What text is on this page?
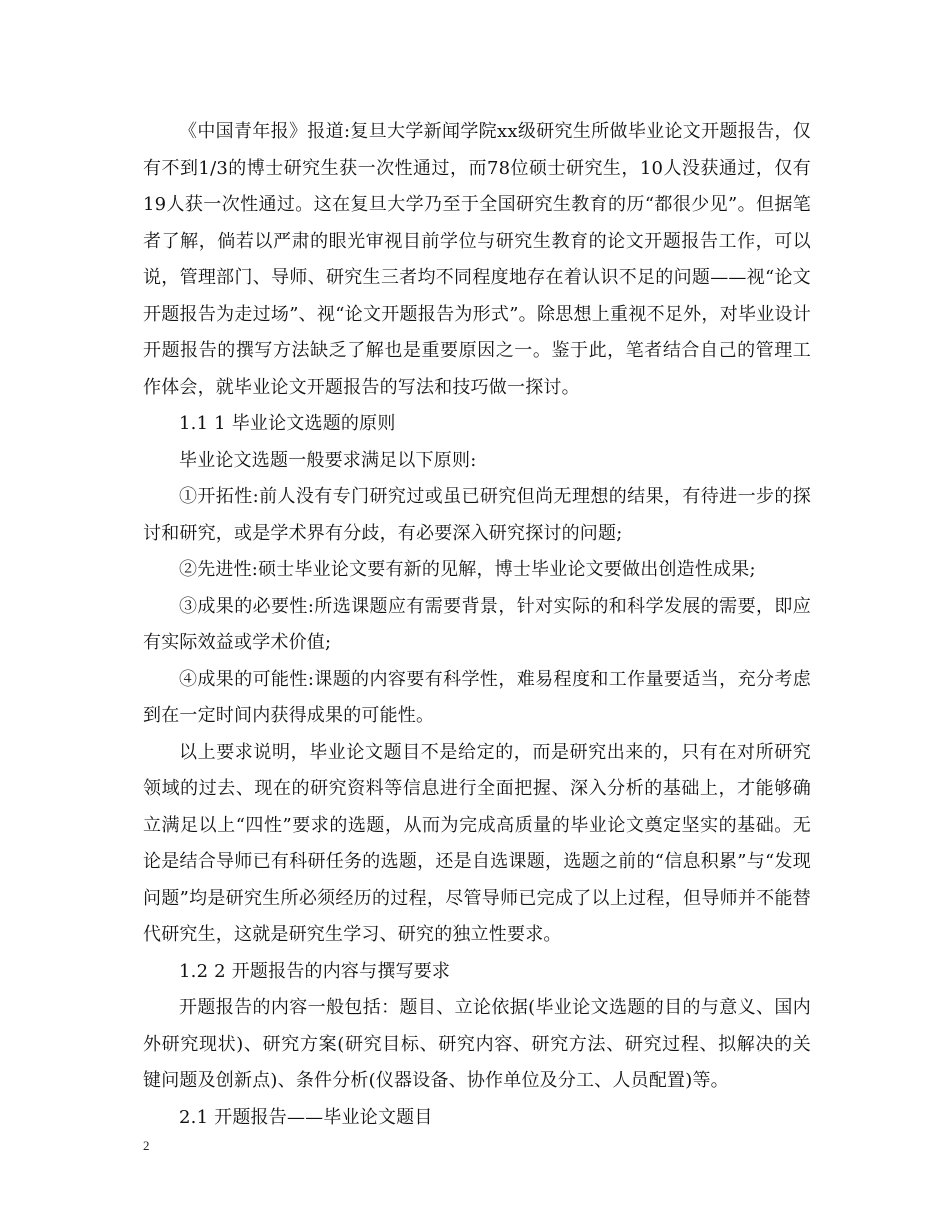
《中国青年报》报道:复旦大学新闻学院xx级研究生所做毕业论文开题报告，仅有不到1/3的博士研究生获一次性通过，而78位硕士研究生，10人没获通过，仅有19人获一次性通过。这在复旦大学乃至于全国研究生教育的历“都很少见”。但据笔者了解，倘若以严肃的眼光审视目前学位与研究生教育的论文开题报告工作，可以说，管理部门、导师、研究生三者均不同程度地存在着认识不足的问题——视“论文开题报告为走过场”、视“论文开题报告为形式”。除思想上重视不足外，对毕业设计开题报告的撰写方法缺乏了解也是重要原因之一。鉴于此，笔者结合自己的管理工作体会，就毕业论文开题报告的写法和技巧做一探讨。

1.1 1 毕业论文选题的原则

毕业论文选题一般要求满足以下原则:

①开拓性:前人没有专门研究过或虽已研究但尚无理想的结果，有待进一步的探讨和研究，或是学术界有分歧，有必要深入研究探讨的问题;

②先进性:硕士毕业论文要有新的见解，博士毕业论文要做出创造性成果;

③成果的必要性:所选课题应有需要背景，针对实际的和科学发展的需要，即应有实际效益或学术价值;

④成果的可能性:课题的内容要有科学性，难易程度和工作量要适当，充分考虑到在一定时间内获得成果的可能性。

以上要求说明，毕业论文题目不是给定的，而是研究出来的，只有在对所研究领域的过去、现在的研究资料等信息进行全面把握、深入分析的基础上，才能够确立满足以上“四性”要求的选题，从而为完成高质量的毕业论文奠定坚实的基础。无论是结合导师已有科研任务的选题，还是自选课题，选题之前的“信息积累”与“发现问题”均是研究生所必须经历的过程，尽管导师已完成了以上过程，但导师并不能替代研究生，这就是研究生学习、研究的独立性要求。

1.2 2 开题报告的内容与撰写要求

开题报告的内容一般包括：题目、立论依据(毕业论文选题的目的与意义、国内外研究现状)、研究方案(研究目标、研究内容、研究方法、研究过程、拟解决的关键问题及创新点)、条件分析(仪器设备、协作单位及分工、人员配置)等。

2.1 开题报告——毕业论文题目

2
